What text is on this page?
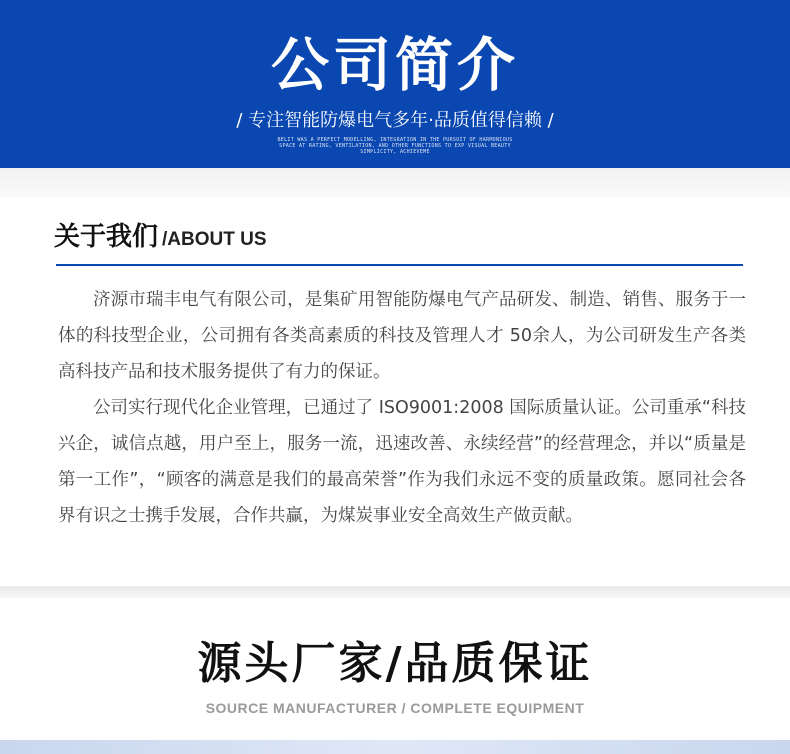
公司简介
/ 专注智能防爆电气多年·品质值得信赖 /
BELIT WAS A PERFECT MODELLING, INTEGRATION IN THE PURSUIT OF HARMONIOUS SPACE AT RATING, VENTILATION, AND OTHER FUNCTIONS TO EXP VISUAL BEAUTY SIMPLICITY, ACHIEVEME
关于我们 /ABOUT US

济源市瑞丰电气有限公司，是集矿用智能防爆电气产品研发、制造、销售、服务于一体的科技型企业，公司拥有各类高素质的科技及管理人才 50余人，为公司研发生产各类高科技产品和技术服务提供了有力的保证。

公司实行现代化企业管理，已通过了 ISO9001:2008 国际质量认证。公司重承“科技兴企，诚信点越，用户至上，服务一流，迅速改善、永续经营”的经营理念，并以“质量是第一工作”，“顾客的满意是我们的最高荣誉”作为我们永远不变的质量政策。愿同社会各界有识之士携手发展，合作共赢，为煤炭事业安全高效生产做贡献。

源头厂家/品质保证
SOURCE MANUFACTURER / COMPLETE EQUIPMENT
